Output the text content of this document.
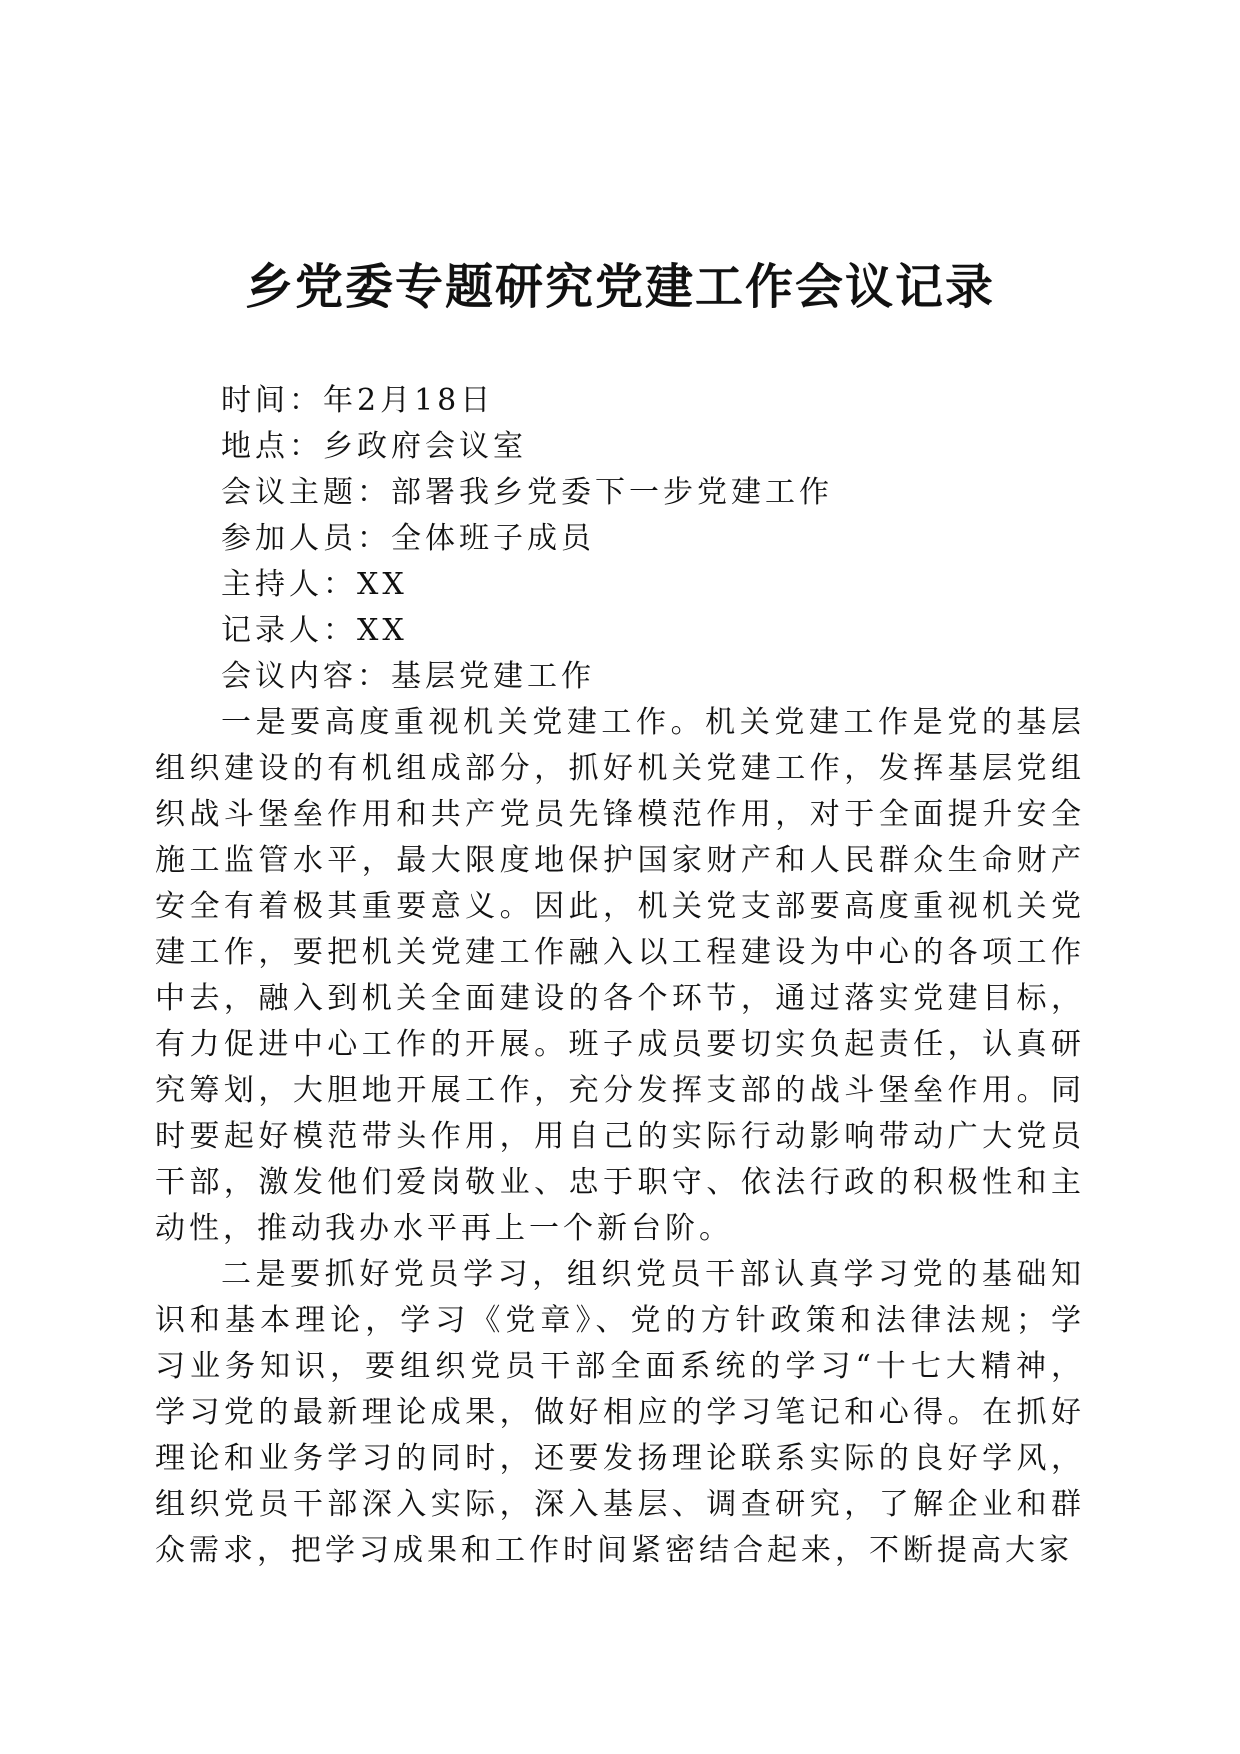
乡党委专题研究党建工作会议记录

时间：年2月18日

地点：乡政府会议室

会议主题：部署我乡党委下一步党建工作

参加人员：全体班子成员

主持人：XX

记录人：XX

会议内容：基层党建工作

一是要高度重视机关党建工作。机关党建工作是党的基层组织建设的有机组成部分，抓好机关党建工作，发挥基层党组织战斗堡垒作用和共产党员先锋模范作用，对于全面提升安全施工监管水平，最大限度地保护国家财产和人民群众生命财产安全有着极其重要意义。因此，机关党支部要高度重视机关党建工作，要把机关党建工作融入以工程建设为中心的各项工作中去，融入到机关全面建设的各个环节，通过落实党建目标，有力促进中心工作的开展。班子成员要切实负起责任，认真研究筹划，大胆地开展工作，充分发挥支部的战斗堡垒作用。同时要起好模范带头作用，用自己的实际行动影响带动广大党员干部，激发他们爱岗敬业、忠于职守、依法行政的积极性和主动性，推动我办水平再上一个新台阶。

二是要抓好党员学习，组织党员干部认真学习党的基础知识和基本理论，学习《党章》、党的方针政策和法律法规；学习业务知识，要组织党员干部全面系统的学习“十七大精神，学习党的最新理论成果，做好相应的学习笔记和心得。在抓好理论和业务学习的同时，还要发扬理论联系实际的良好学风，组织党员干部深入实际，深入基层、调查研究，了解企业和群众需求，把学习成果和工作时间紧密结合起来，不断提高大家
